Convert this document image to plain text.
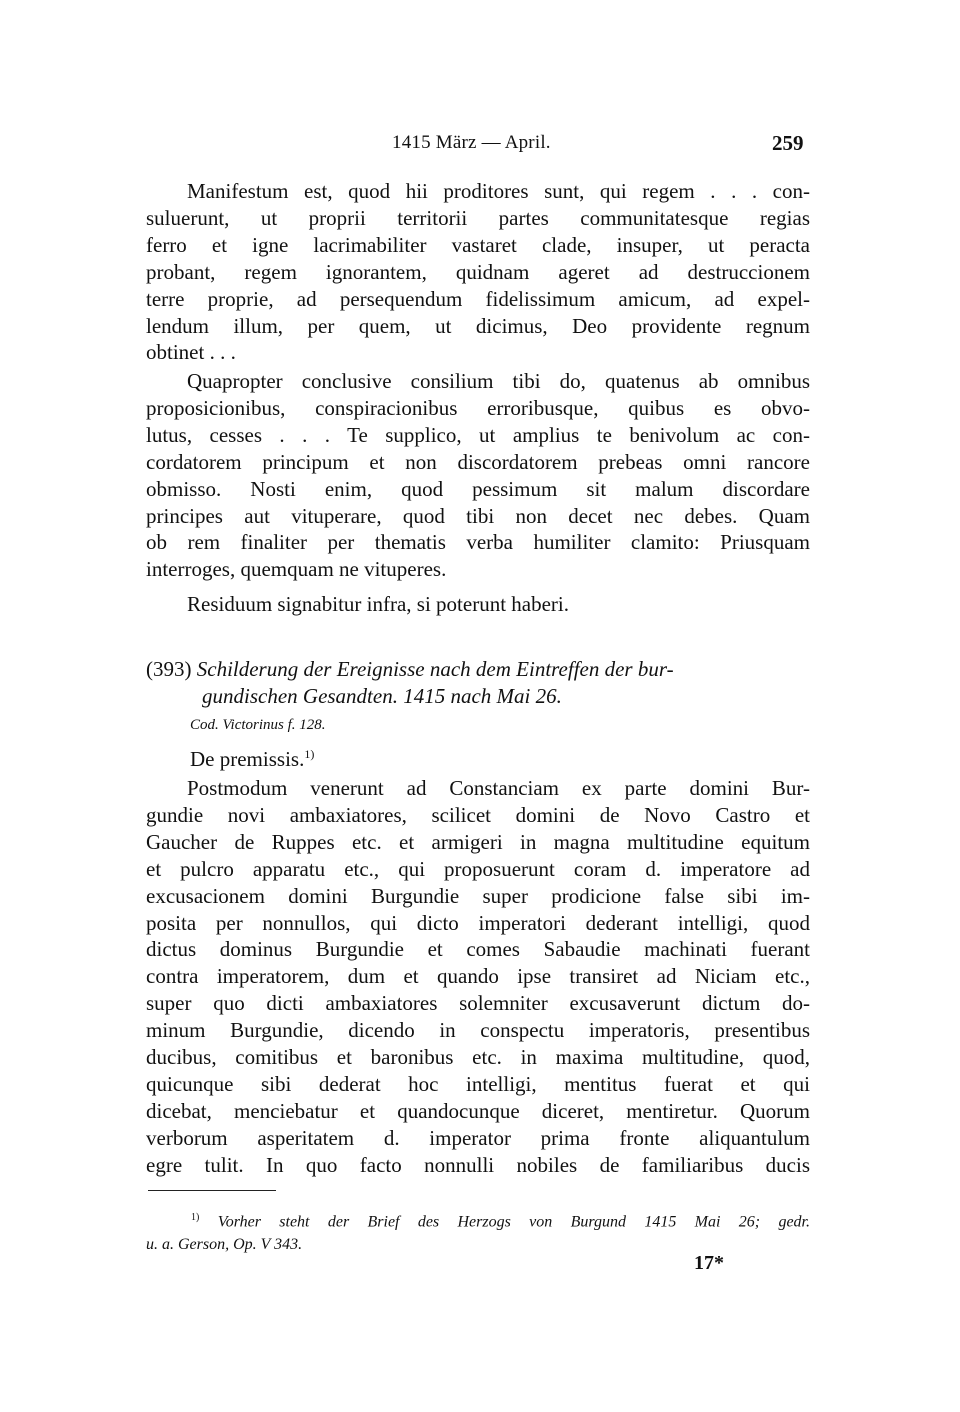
1415 März — April.	259
Manifestum est, quod hii proditores sunt, qui regem . . . con-
suluerunt, ut proprii territorii partes communitatesque regias
ferro et igne lacrimabiliter vastaret clade, insuper, ut peracta
probant, regem ignorantem, quidnam ageret ad destruccionem
terre proprie, ad persequendum fidelissimum amicum, ad expel-
lendum illum, per quem, ut dicimus, Deo providente regnum
obtinet . . .
Quapropter conclusive consilium tibi do, quatenus ab omnibus
proposicionibus, conspiracionibus erroribusque, quibus es obvo-
lutus, cesses . . . Te supplico, ut amplius te benivolum ac con-
cordatorem principum et non discordatorem prebeas omni rancore
obmisso. Nosti enim, quod pessimum sit malum discordare
principes aut vituperare, quod tibi non decet nec debes. Quam
ob rem finaliter per thematis verba humiliter clamito: Priusquam
interroges, quemquam ne vituperes.
Residuum signabitur infra, si poterunt haberi.
(393) Schilderung der Ereignisse nach dem Eintreffen der bur-
gundischen Gesandten. 1415 nach Mai 26.
Cod. Victorinus f. 128.
De premissis.$^{1)}$
Postmodum venerunt ad Constanciam ex parte domini Bur-
gundie novi ambaxiatores, scilicet domini de Novo Castro et
Gaucher de Ruppes etc. et armigeri in magna multitudine equitum
et pulcro apparatu etc., qui proposuerunt coram d. imperatore ad
excusacionem domini Burgundie super prodicione false sibi im-
posita per nonnullos, qui dicto imperatori dederant intelligi, quod
dictus dominus Burgundie et comes Sabaudie machinati fuerant
contra imperatorem, dum et quando ipse transiret ad Niciam etc.,
super quo dicti ambaxiatores solemniter excusaverunt dictum do-
minum Burgundie, dicendo in conspectu imperatoris, presentibus
ducibus, comitibus et baronibus etc. in maxima multitudine, quod,
quicunque sibi dederat hoc intelligi, mentitus fuerat et qui
dicebat, menciebatur et quandocunque diceret, mentiretur. Quorum
verborum asperitatem d. imperator prima fronte aliquantulum
egre tulit. In quo facto nonnulli nobiles de familiaribus ducis
$^{1)}$ Vorher steht der Brief des Herzogs von Burgund 1415 Mai 26; gedr.
u. a. Gerson, Op. V 343.
17*
